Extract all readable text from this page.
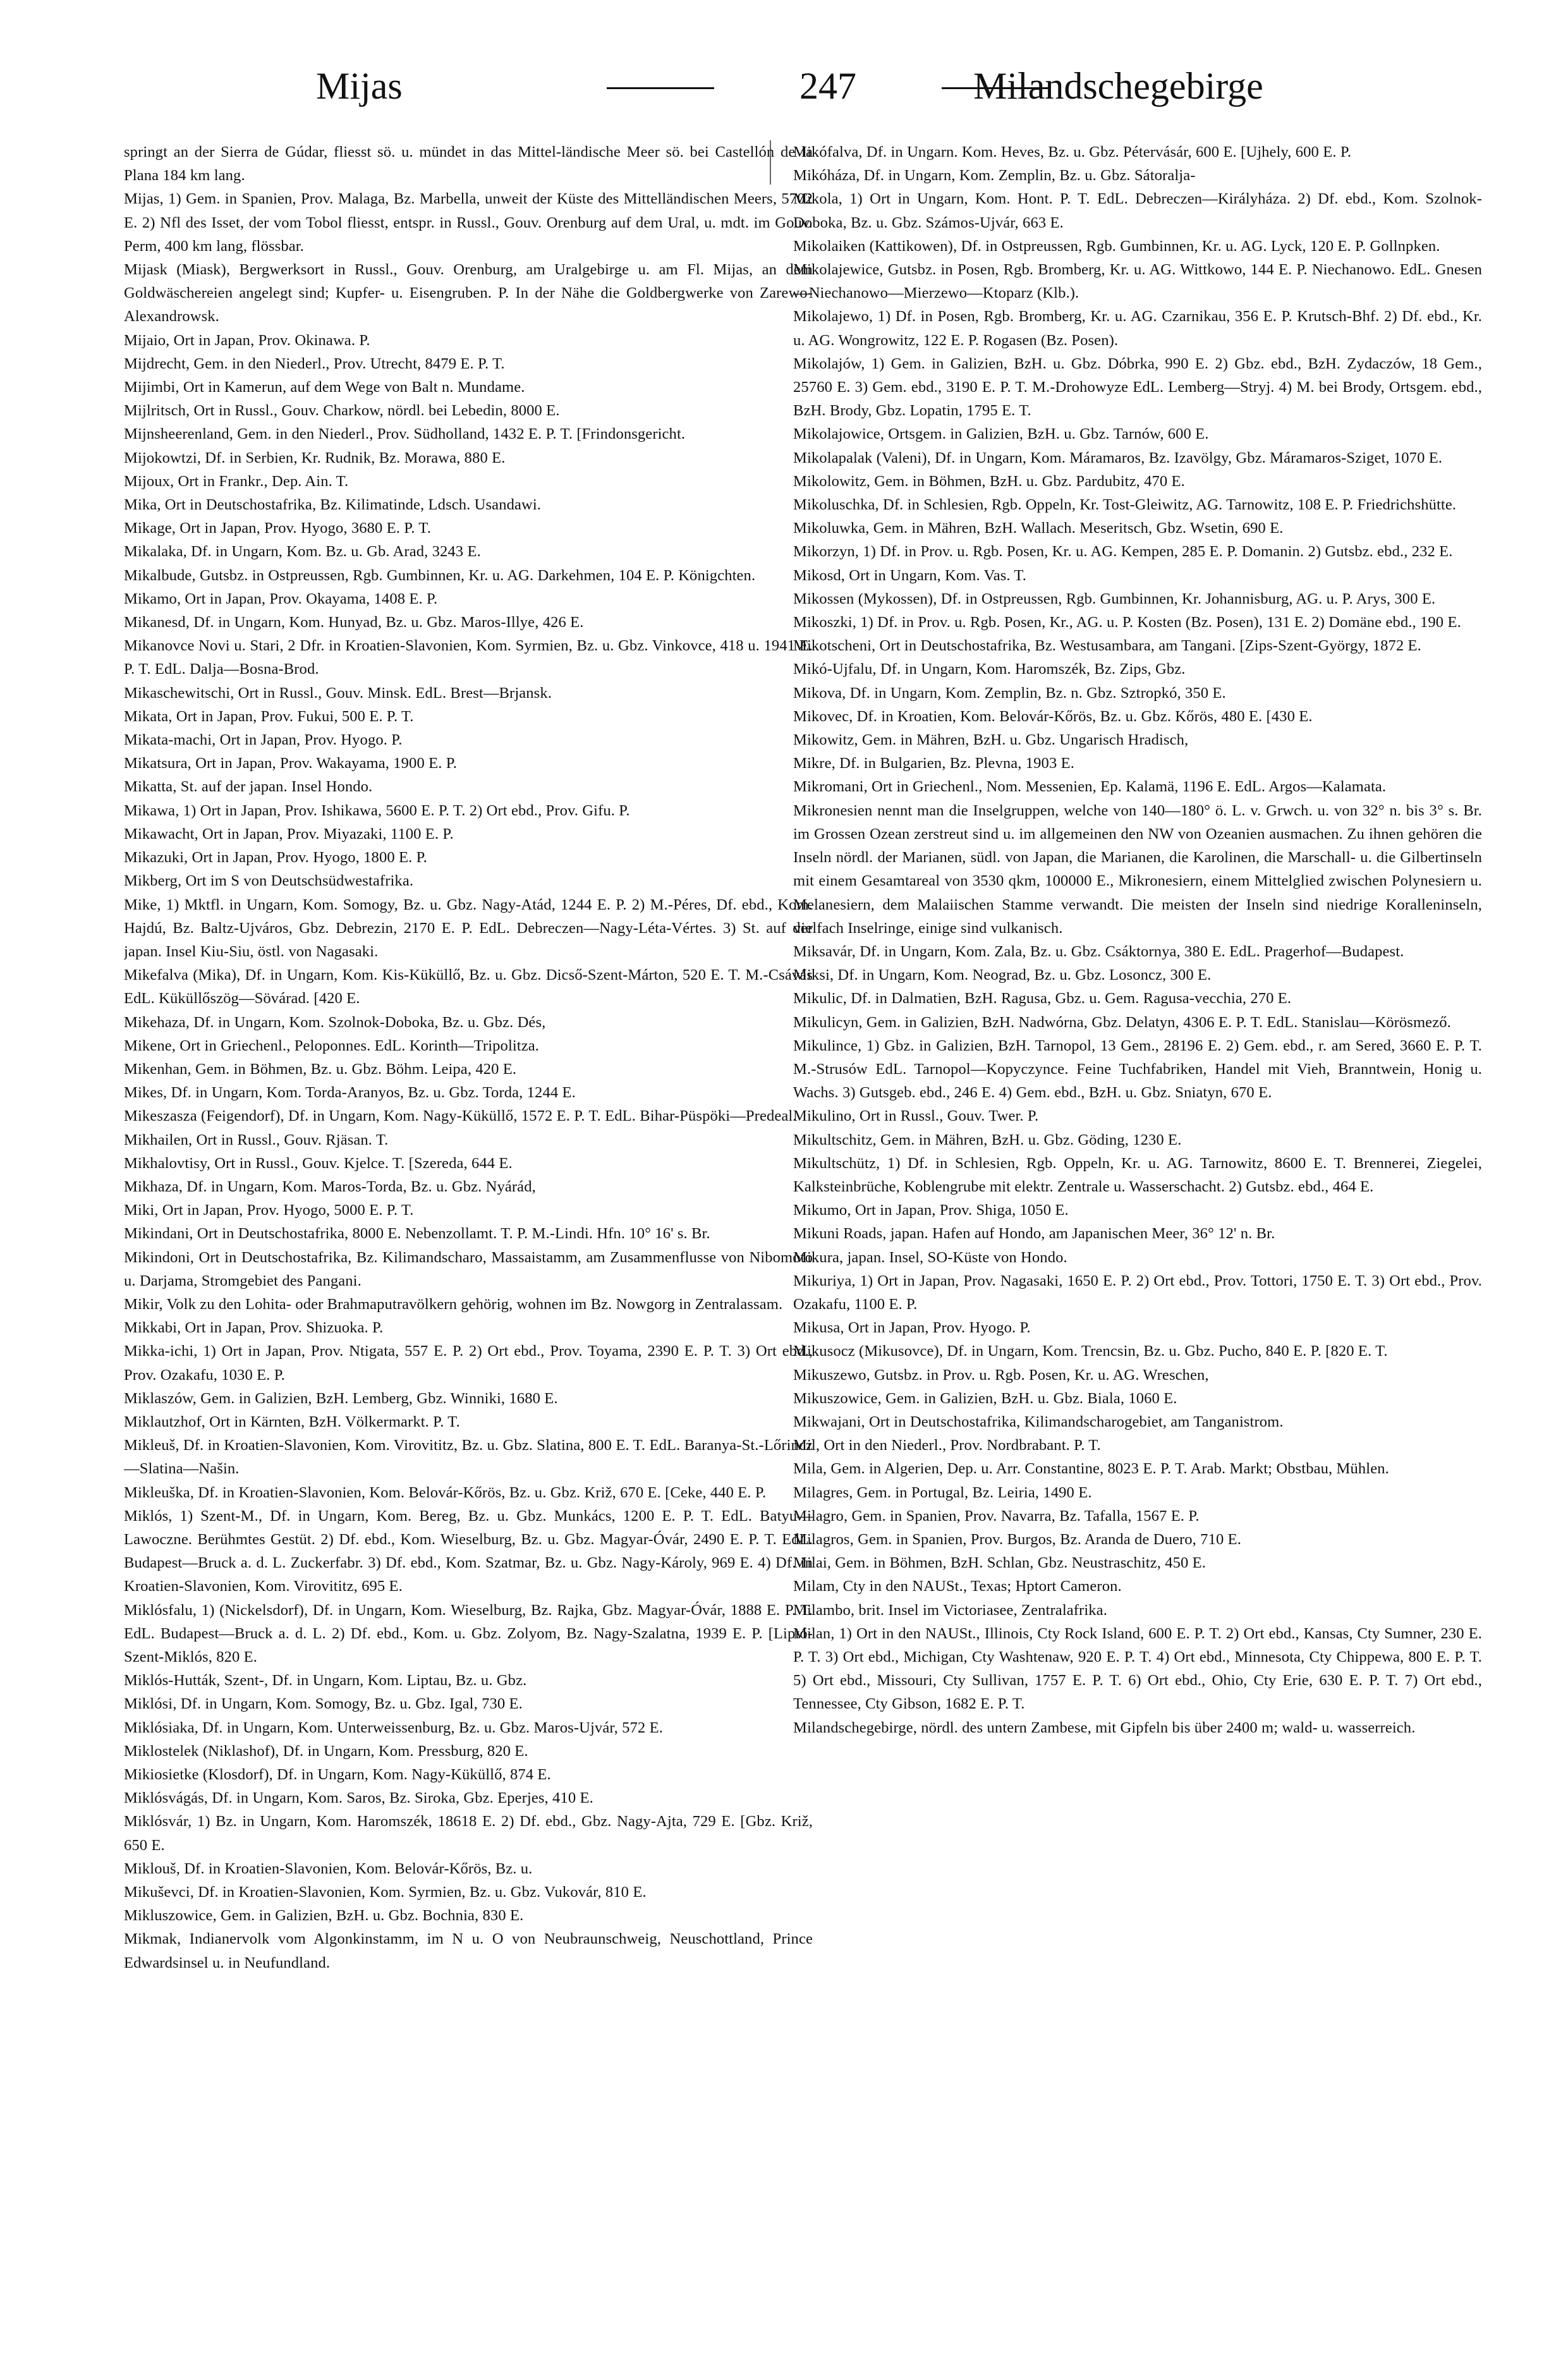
Mijas	247	Milandschegebirge

springt an der Sierra de Gúdar, fliesst sö. u. mündet in das Mittel-ländische Meer sö. bei Castellón de la Plana 184 km lang.

Mijas, 1) Gem. in Spanien, Prov. Malaga, Bz. Marbella, unweit der Küste des Mittelländischen Meers, 5702 E. 2) Nfl des Isset, der vom Tobol fliesst, entspr. in Russl., Gouv. Orenburg auf dem Ural, u. mdt. im Gouv. Perm, 400 km lang, flössbar.

Mijask (Miask), Bergwerksort in Russl., Gouv. Orenburg, am Uralgebirge u. am Fl. Mijas, an dem Goldwäschereien angelegt sind; Kupfer- u. Eisengruben. P. In der Nähe die Goldbergwerke von Zarewo-Alexandrowsk.

Mijaio, Ort in Japan, Prov. Okinawa. P.

Mijdrecht, Gem. in den Niederl., Prov. Utrecht, 8479 E. P. T.

Mijimbi, Ort in Kamerun, auf dem Wege von Balt n. Mundame.

Mijlritsch, Ort in Russl., Gouv. Charkow, nördl. bei Lebedin, 8000 E.

Mijnsheerenland, Gem. in den Niederl., Prov. Südholland, 1432 E. P. T. [Frindonsgericht.

Mijokowtzi, Df. in Serbien, Kr. Rudnik, Bz. Morawa, 880 E.

Mijoux, Ort in Frankr., Dep. Ain. T.

Mika, Ort in Deutschostafrika, Bz. Kilimatinde, Ldsch. Usandawi.

Mikage, Ort in Japan, Prov. Hyogo, 3680 E. P. T.

Mikalaka, Df. in Ungarn, Kom. Bz. u. Gb. Arad, 3243 E.

Mikalbude, Gutsbz. in Ostpreussen, Rgb. Gumbinnen, Kr. u. AG. Darkehmen, 104 E. P. Königchten.

Mikamo, Ort in Japan, Prov. Okayama, 1408 E. P.

Mikanesd, Df. in Ungarn, Kom. Hunyad, Bz. u. Gbz. Maros-Illye, 426 E.

Mikanovce Novi u. Stari, 2 Dfr. in Kroatien-Slavonien, Kom. Syrmien, Bz. u. Gbz. Vinkovce, 418 u. 1941 E. P. T. EdL. Dalja—Bosna-Brod.

Mikaschewitschi, Ort in Russl., Gouv. Minsk. EdL. Brest—Brjansk.

Mikata, Ort in Japan, Prov. Fukui, 500 E. P. T.

Mikata-machi, Ort in Japan, Prov. Hyogo. P.

Mikatsura, Ort in Japan, Prov. Wakayama, 1900 E. P.

Mikatta, St. auf der japan. Insel Hondo.

Mikawa, 1) Ort in Japan, Prov. Ishikawa, 5600 E. P. T. 2) Ort ebd., Prov. Gifu. P.

Mikawacht, Ort in Japan, Prov. Miyazaki, 1100 E. P.

Mikazuki, Ort in Japan, Prov. Hyogo, 1800 E. P.

Mikberg, Ort im S von Deutschsüdwestafrika.

Mike, 1) Mktfl. in Ungarn, Kom. Somogy, Bz. u. Gbz. Nagy-Atád, 1244 E. P. 2) M.-Péres, Df. ebd., Kom. Hajdú, Bz. Baltz-Ujváros, Gbz. Debrezin, 2170 E. P. EdL. Debreczen—Nagy-Léta-Vértes. 3) St. auf der japan. Insel Kiu-Siu, östl. von Nagasaki.

Mikefalva (Mika), Df. in Ungarn, Kom. Kis-Küküllő, Bz. u. Gbz. Dicső-Szent-Márton, 520 E. T. M.-Csávás EdL. Küküllőszög—Sövárad. [420 E.

Mikehaza, Df. in Ungarn, Kom. Szolnok-Doboka, Bz. u. Gbz. Dés,

Mikene, Ort in Griechenl., Peloponnes. EdL. Korinth—Tripolitza.

Mikenhan, Gem. in Böhmen, Bz. u. Gbz. Böhm. Leipa, 420 E.

Mikes, Df. in Ungarn, Kom. Torda-Aranyos, Bz. u. Gbz. Torda, 1244 E.

Mikeszasza (Feigendorf), Df. in Ungarn, Kom. Nagy-Küküllő, 1572 E. P. T. EdL. Bihar-Püspöki—Predeal.

Mikhailen, Ort in Russl., Gouv. Rjäsan. T.

Mikhalovtisy, Ort in Russl., Gouv. Kjelce. T. [Szereda, 644 E.

Mikhaza, Df. in Ungarn, Kom. Maros-Torda, Bz. u. Gbz. Nyárád,

Miki, Ort in Japan, Prov. Hyogo, 5000 E. P. T.

Mikindani, Ort in Deutschostafrika, 8000 E. Nebenzollamt. T. P. M.-Lindi. Hfn. 10° 16' s. Br.

Mikindoni, Ort in Deutschostafrika, Bz. Kilimandscharo, Massaistamm, am Zusammenflusse von Nibomoto u. Darjama, Stromgebiet des Pangani.

Mikir, Volk zu den Lohita- oder Brahmaputravölkern gehörig, wohnen im Bz. Nowgorg in Zentralassam.

Mikkabi, Ort in Japan, Prov. Shizuoka. P.

Mikka-ichi, 1) Ort in Japan, Prov. Ntigata, 557 E. P. 2) Ort ebd., Prov. Toyama, 2390 E. P. T. 3) Ort ebd., Prov. Ozakafu, 1030 E. P.

Miklaszów, Gem. in Galizien, BzH. Lemberg, Gbz. Winniki, 1680 E.

Miklautzhof, Ort in Kärnten, BzH. Völkermarkt. P. T.

Mikleuš, Df. in Kroatien-Slavonien, Kom. Virovititz, Bz. u. Gbz. Slatina, 800 E. T. EdL. Baranya-St.-Lőrincz—Slatina—Našin.

Mikleuška, Df. in Kroatien-Slavonien, Kom. Belovár-Kőrös, Bz. u. Gbz. Križ, 670 E. [Ceke, 440 E. P.

Miklós, 1) Szent-M., Df. in Ungarn, Kom. Bereg, Bz. u. Gbz. Munkács, 1200 E. P. T. EdL. Batyu—Lawoczne. Berühmtes Gestüt. 2) Df. ebd., Kom. Wieselburg, Bz. u. Gbz. Magyar-Óvár, 2490 E. P. T. EdL. Budapest—Bruck a. d. L. Zuckerfabr. 3) Df. ebd., Kom. Szatmar, Bz. u. Gbz. Nagy-Károly, 969 E. 4) Df. in Kroatien-Slavonien, Kom. Virovititz, 695 E.

Miklósfalu, 1) (Nickelsdorf), Df. in Ungarn, Kom. Wieselburg, Bz. Rajka, Gbz. Magyar-Óvár, 1888 E. P. T. EdL. Budapest—Bruck a. d. L. 2) Df. ebd., Kom. u. Gbz. Zolyom, Bz. Nagy-Szalatna, 1939 E. P. [Liptó-Szent-Miklós, 820 E.

Miklós-Hutták, Szent-, Df. in Ungarn, Kom. Liptau, Bz. u. Gbz.

Miklósi, Df. in Ungarn, Kom. Somogy, Bz. u. Gbz. Igal, 730 E.

Miklósiaka, Df. in Ungarn, Kom. Unterweissenburg, Bz. u. Gbz. Maros-Ujvár, 572 E.

Miklostelek (Niklashof), Df. in Ungarn, Kom. Pressburg, 820 E.

Mikiosietke (Klosdorf), Df. in Ungarn, Kom. Nagy-Küküllő, 874 E.

Miklósvágás, Df. in Ungarn, Kom. Saros, Bz. Siroka, Gbz. Eperjes, 410 E.

Miklósvár, 1) Bz. in Ungarn, Kom. Haromszék, 18618 E. 2) Df. ebd., Gbz. Nagy-Ajta, 729 E. [Gbz. Križ, 650 E.

Miklouš, Df. in Kroatien-Slavonien, Kom. Belovár-Kőrös, Bz. u.

Mikuševci, Df. in Kroatien-Slavonien, Kom. Syrmien, Bz. u. Gbz. Vukovár, 810 E.

Mikluszowice, Gem. in Galizien, BzH. u. Gbz. Bochnia, 830 E.

Mikmak, Indianervolk vom Algonkinstamm, im N u. O von Neubraunschweig, Neuschottland, Prince Edwardsinsel u. in Neufundland.

Mikófalva, Df. in Ungarn. Kom. Heves, Bz. u. Gbz. Pétervásár, 600 E. [Ujhely, 600 E. P.

Mikóháza, Df. in Ungarn, Kom. Zemplin, Bz. u. Gbz. Sátoralja-

Mikola, 1) Ort in Ungarn, Kom. Hont. P. T. EdL. Debreczen—Királyháza. 2) Df. ebd., Kom. Szolnok-Doboka, Bz. u. Gbz. Számos-Ujvár, 663 E.

Mikolaiken (Kattikowen), Df. in Ostpreussen, Rgb. Gumbinnen, Kr. u. AG. Lyck, 120 E. P. Gollnpken.

Mikolajewice, Gutsbz. in Posen, Rgb. Bromberg, Kr. u. AG. Wittkowo, 144 E. P. Niechanowo. EdL. Gnesen—Niechanowo—Mierzewo—Ktoparz (Klb.).

Mikolajewo, 1) Df. in Posen, Rgb. Bromberg, Kr. u. AG. Czarnikau, 356 E. P. Krutsch-Bhf. 2) Df. ebd., Kr. u. AG. Wongrowitz, 122 E. P. Rogasen (Bz. Posen).

Mikolajów, 1) Gem. in Galizien, BzH. u. Gbz. Dóbrka, 990 E. 2) Gbz. ebd., BzH. Zydaczów, 18 Gem., 25760 E. 3) Gem. ebd., 3190 E. P. T. M.-Drohowyze EdL. Lemberg—Stryj. 4) M. bei Brody, Ortsgem. ebd., BzH. Brody, Gbz. Lopatin, 1795 E. T.

Mikolajowice, Ortsgem. in Galizien, BzH. u. Gbz. Tarnów, 600 E.

Mikolapalak (Valeni), Df. in Ungarn, Kom. Máramaros, Bz. Izavölgy, Gbz. Máramaros-Sziget, 1070 E.

Mikolowitz, Gem. in Böhmen, BzH. u. Gbz. Pardubitz, 470 E.

Mikoluschka, Df. in Schlesien, Rgb. Oppeln, Kr. Tost-Gleiwitz, AG. Tarnowitz, 108 E. P. Friedrichshütte.

Mikoluwka, Gem. in Mähren, BzH. Wallach. Meseritsch, Gbz. Wsetin, 690 E.

Mikorzyn, 1) Df. in Prov. u. Rgb. Posen, Kr. u. AG. Kempen, 285 E. P. Domanin. 2) Gutsbz. ebd., 232 E.

Mikosd, Ort in Ungarn, Kom. Vas. T.

Mikossen (Mykossen), Df. in Ostpreussen, Rgb. Gumbinnen, Kr. Johannisburg, AG. u. P. Arys, 300 E.

Mikoszki, 1) Df. in Prov. u. Rgb. Posen, Kr., AG. u. P. Kosten (Bz. Posen), 131 E. 2) Domäne ebd., 190 E.

Mikotscheni, Ort in Deutschostafrika, Bz. Westusambara, am Tangani. [Zips-Szent-György, 1872 E.

Mikó-Ujfalu, Df. in Ungarn, Kom. Haromszék, Bz. Zips, Gbz.

Mikova, Df. in Ungarn, Kom. Zemplin, Bz. n. Gbz. Sztropkó, 350 E.

Mikovec, Df. in Kroatien, Kom. Belovár-Kőrös, Bz. u. Gbz. Kőrös, 480 E. [430 E.

Mikowitz, Gem. in Mähren, BzH. u. Gbz. Ungarisch Hradisch,

Mikre, Df. in Bulgarien, Bz. Plevna, 1903 E.

Mikromani, Ort in Griechenl., Nom. Messenien, Ep. Kalamä, 1196 E. EdL. Argos—Kalamata.

Mikronesien nennt man die Inselgruppen, welche von 140—180° ö. L. v. Grwch. u. von 32° n. bis 3° s. Br. im Grossen Ozean zerstreut sind u. im allgemeinen den NW von Ozeanien ausmachen. Zu ihnen gehören die Inseln nördl. der Marianen, südl. von Japan, die Marianen, die Karolinen, die Marschall- u. die Gilbertinseln mit einem Gesamtareal von 3530 qkm, 100000 E., Mikronesiern, einem Mittelglied zwischen Polynesiern u. Melanesiern, dem Malaiischen Stamme verwandt. Die meisten der Inseln sind niedrige Koralleninseln, vielfach Inselringe, einige sind vulkanisch.

Miksavár, Df. in Ungarn, Kom. Zala, Bz. u. Gbz. Csáktornya, 380 E. EdL. Pragerhof—Budapest.

Miksi, Df. in Ungarn, Kom. Neograd, Bz. u. Gbz. Losoncz, 300 E.

Mikulic, Df. in Dalmatien, BzH. Ragusa, Gbz. u. Gem. Ragusa-vecchia, 270 E.

Mikulicyn, Gem. in Galizien, BzH. Nadwórna, Gbz. Delatyn, 4306 E. P. T. EdL. Stanislau—Körösmező.

Mikulince, 1) Gbz. in Galizien, BzH. Tarnopol, 13 Gem., 28196 E. 2) Gem. ebd., r. am Sered, 3660 E. P. T. M.-Strusów EdL. Tarnopol—Kopyczynce. Feine Tuchfabriken, Handel mit Vieh, Branntwein, Honig u. Wachs. 3) Gutsgeb. ebd., 246 E. 4) Gem. ebd., BzH. u. Gbz. Sniatyn, 670 E.

Mikulino, Ort in Russl., Gouv. Twer. P.

Mikultschitz, Gem. in Mähren, BzH. u. Gbz. Göding, 1230 E.

Mikultschütz, 1) Df. in Schlesien, Rgb. Oppeln, Kr. u. AG. Tarnowitz, 8600 E. T. Brennerei, Ziegelei, Kalksteinbrüche, Koblengrube mit elektr. Zentrale u. Wasserschacht. 2) Gutsbz. ebd., 464 E.

Mikumo, Ort in Japan, Prov. Shiga, 1050 E.

Mikuni Roads, japan. Hafen auf Hondo, am Japanischen Meer, 36° 12' n. Br.

Mikura, japan. Insel, SO-Küste von Hondo.

Mikuriya, 1) Ort in Japan, Prov. Nagasaki, 1650 E. P. 2) Ort ebd., Prov. Tottori, 1750 E. T. 3) Ort ebd., Prov. Ozakafu, 1100 E. P.

Mikusa, Ort in Japan, Prov. Hyogo. P.

Mikusocz (Mikusovce), Df. in Ungarn, Kom. Trencsin, Bz. u. Gbz. Pucho, 840 E. P. [820 E. T.

Mikuszewo, Gutsbz. in Prov. u. Rgb. Posen, Kr. u. AG. Wreschen,

Mikuszowice, Gem. in Galizien, BzH. u. Gbz. Biala, 1060 E.

Mikwajani, Ort in Deutschostafrika, Kilimandscharogebiet, am Tanganistrom.

Mil, Ort in den Niederl., Prov. Nordbrabant. P. T.

Mila, Gem. in Algerien, Dep. u. Arr. Constantine, 8023 E. P. T. Arab. Markt; Obstbau, Mühlen.

Milagres, Gem. in Portugal, Bz. Leiria, 1490 E.

Milagro, Gem. in Spanien, Prov. Navarra, Bz. Tafalla, 1567 E. P.

Milagros, Gem. in Spanien, Prov. Burgos, Bz. Aranda de Duero, 710 E.

Milai, Gem. in Böhmen, BzH. Schlan, Gbz. Neustraschitz, 450 E.

Milam, Cty in den NAUSt., Texas; Hptort Cameron.

Milambo, brit. Insel im Victoriasee, Zentralafrika.

Milan, 1) Ort in den NAUSt., Illinois, Cty Rock Island, 600 E. P. T. 2) Ort ebd., Kansas, Cty Sumner, 230 E. P. T. 3) Ort ebd., Michigan, Cty Washtenaw, 920 E. P. T. 4) Ort ebd., Minnesota, Cty Chippewa, 800 E. P. T. 5) Ort ebd., Missouri, Cty Sullivan, 1757 E. P. T. 6) Ort ebd., Ohio, Cty Erie, 630 E. P. T. 7) Ort ebd., Tennessee, Cty Gibson, 1682 E. P. T.

Milandschegebirge, nördl. des untern Zambese, mit Gipfeln bis über 2400 m; wald- u. wasserreich.
